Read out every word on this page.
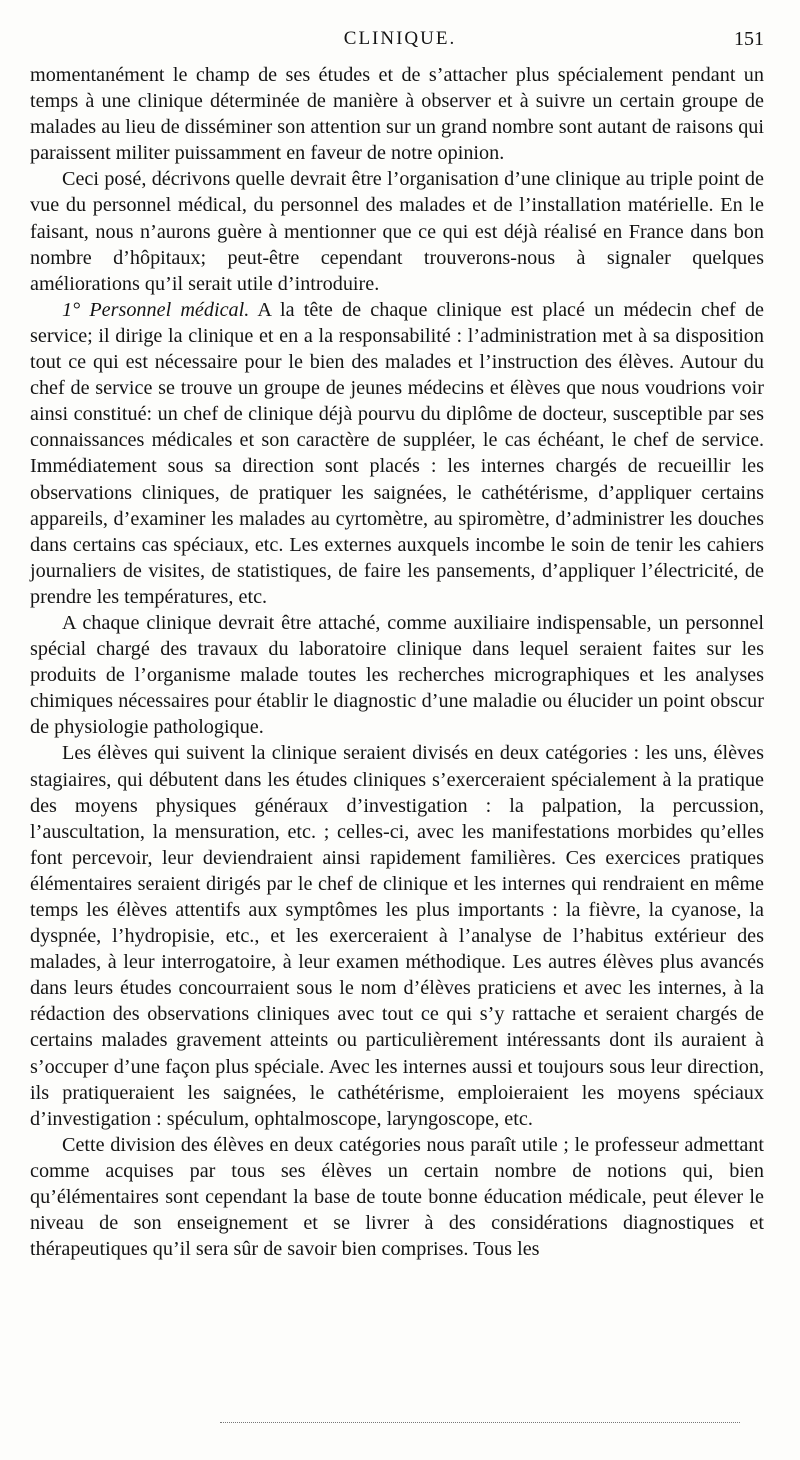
CLINIQUE.	151

momentanément le champ de ses études et de s’attacher plus spécialement pendant un temps à une clinique déterminée de manière à observer et à suivre un certain groupe de malades au lieu de disséminer son attention sur un grand nombre sont autant de raisons qui paraissent militer puissamment en faveur de notre opinion.

Ceci posé, décrivons quelle devrait être l’organisation d’une clinique au triple point de vue du personnel médical, du personnel des malades et de l’installation matérielle. En le faisant, nous n’aurons guère à mentionner que ce qui est déjà réalisé en France dans bon nombre d’hôpitaux; peut-être cependant trouverons-nous à signaler quelques améliorations qu’il serait utile d’introduire.

1° Personnel médical. A la tête de chaque clinique est placé un médecin chef de service; il dirige la clinique et en a la responsabilité : l’administration met à sa disposition tout ce qui est nécessaire pour le bien des malades et l’instruction des élèves. Autour du chef de service se trouve un groupe de jeunes médecins et élèves que nous voudrions voir ainsi constitué: un chef de clinique déjà pourvu du diplôme de docteur, susceptible par ses connaissances médicales et son caractère de suppléer, le cas échéant, le chef de service. Immédiatement sous sa direction sont placés : les internes chargés de recueillir les observations cliniques, de pratiquer les saignées, le cathétérisme, d’appliquer certains appareils, d’examiner les malades au cyrtomètre, au spiromètre, d’administrer les douches dans certains cas spéciaux, etc. Les externes auxquels incombe le soin de tenir les cahiers journaliers de visites, de statistiques, de faire les pansements, d’appliquer l’électricité, de prendre les températures, etc.

A chaque clinique devrait être attaché, comme auxiliaire indispensable, un personnel spécial chargé des travaux du laboratoire clinique dans lequel seraient faites sur les produits de l’organisme malade toutes les recherches micrographiques et les analyses chimiques nécessaires pour établir le diagnostic d’une maladie ou élucider un point obscur de physiologie pathologique.

Les élèves qui suivent la clinique seraient divisés en deux catégories : les uns, élèves stagiaires, qui débutent dans les études cliniques s’exerceraient spécialement à la pratique des moyens physiques généraux d’investigation : la palpation, la percussion, l’auscultation, la mensuration, etc. ; celles-ci, avec les manifestations morbides qu’elles font percevoir, leur deviendraient ainsi rapidement familières. Ces exercices pratiques élémentaires seraient dirigés par le chef de clinique et les internes qui rendraient en même temps les élèves attentifs aux symptômes les plus importants : la fièvre, la cyanose, la dyspnée, l’hydropisie, etc., et les exerceraient à l’analyse de l’habitus extérieur des malades, à leur interrogatoire, à leur examen méthodique. Les autres élèves plus avancés dans leurs études concourraient sous le nom d’élèves praticiens et avec les internes, à la rédaction des observations cliniques avec tout ce qui s’y rattache et seraient chargés de certains malades gravement atteints ou particulièrement intéressants dont ils auraient à s’occuper d’une façon plus spéciale. Avec les internes aussi et toujours sous leur direction, ils pratiqueraient les saignées, le cathétérisme, emploieraient les moyens spéciaux d’investigation : spéculum, ophtalmoscope, laryngoscope, etc.

Cette division des élèves en deux catégories nous paraît utile ; le professeur admettant comme acquises par tous ses élèves un certain nombre de notions qui, bien qu’élémentaires sont cependant la base de toute bonne éducation médicale, peut élever le niveau de son enseignement et se livrer à des considérations diagnostiques et thérapeutiques qu’il sera sûr de savoir bien comprises. Tous les
